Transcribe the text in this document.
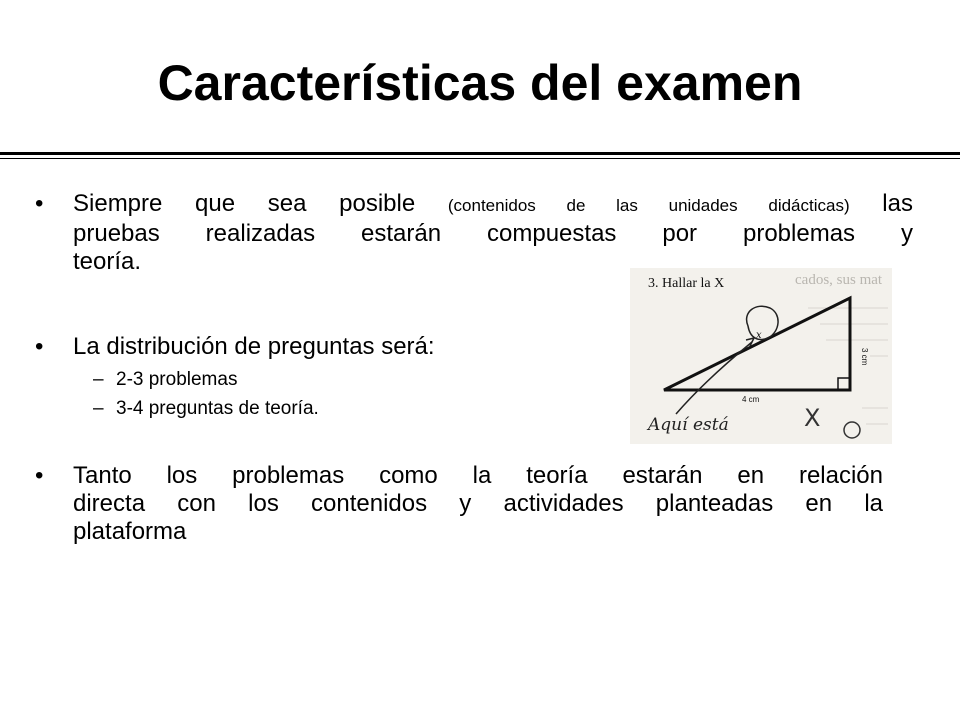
Características del examen
• Siempre que sea posible (contenidos de las unidades didácticas) las
pruebas realizadas estarán compuestas por problemas y
teoría.
• La distribución de preguntas será:
– 2-3 problemas
– 3-4 preguntas de teoría.
• Tanto los problemas como la teoría estarán en relación
directa con los contenidos y actividades planteadas en la
plataforma
cados, sus mat
3. Hallar la X
3 cm
4 cm
x
Aquí está	X
